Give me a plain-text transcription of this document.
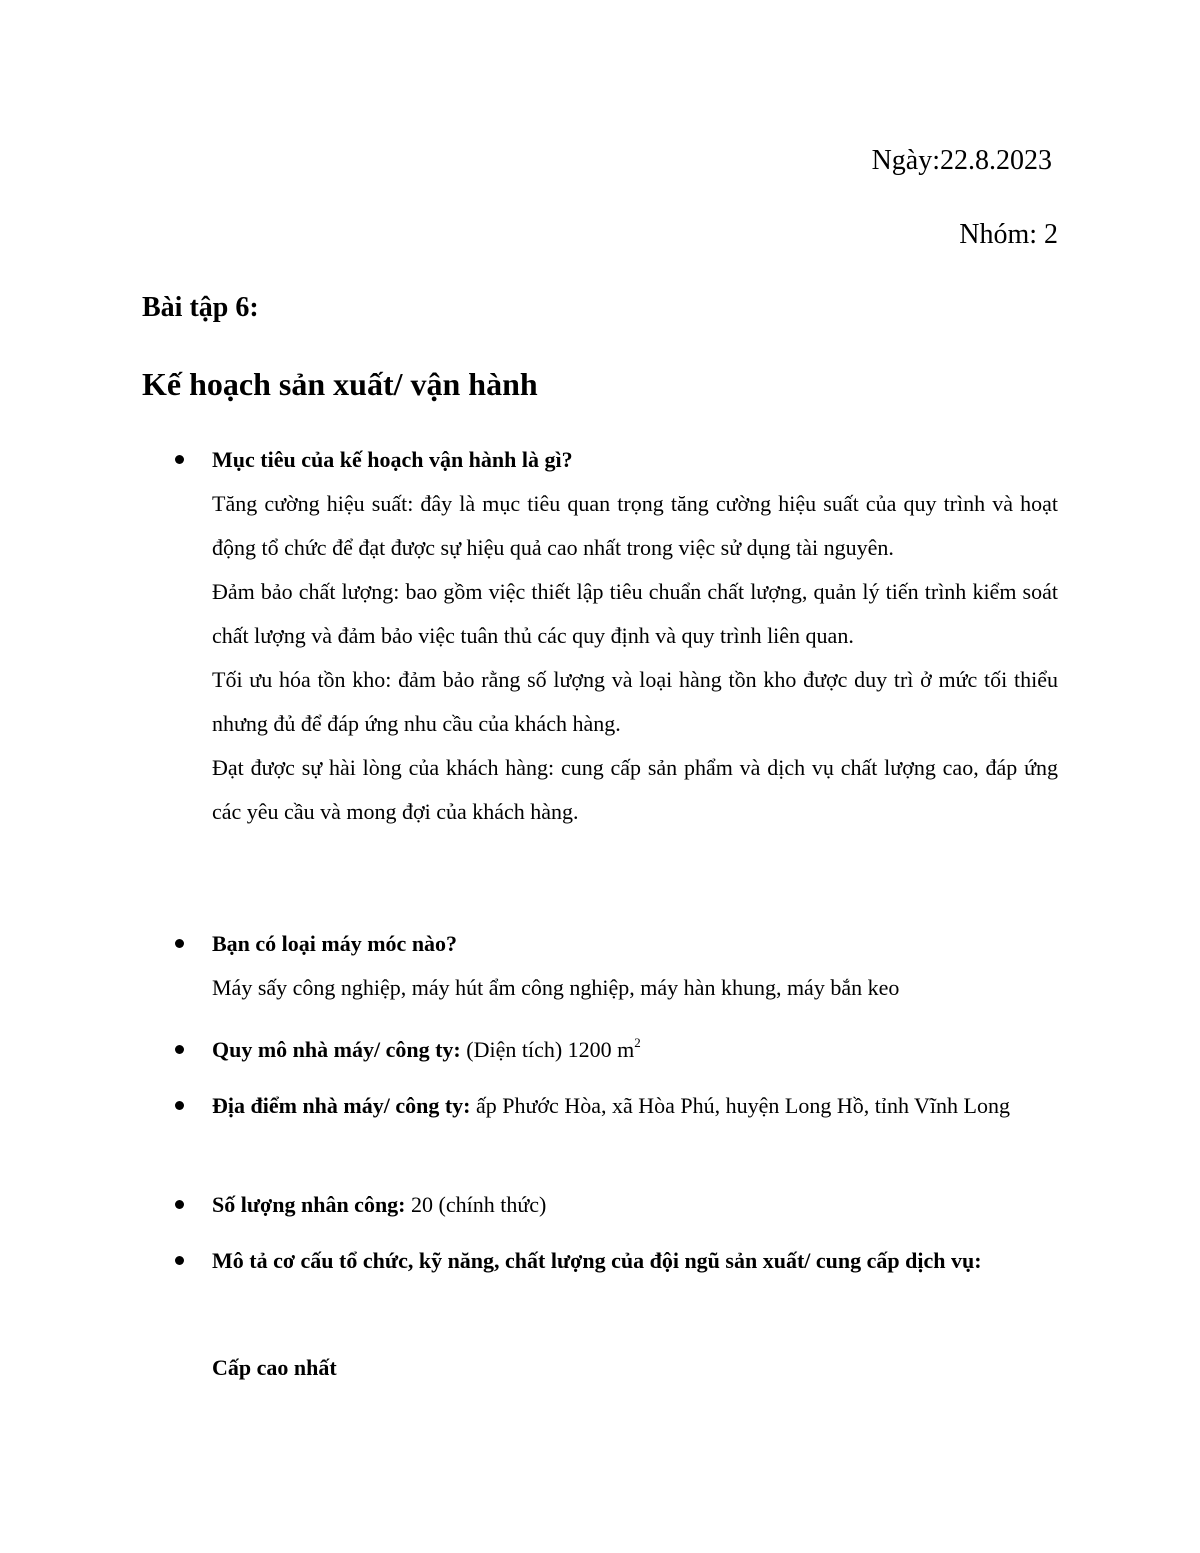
Ngày:22.8.2023
Nhóm: 2
Bài tập 6:
Kế hoạch sản xuất/ vận hành
Mục tiêu của kế hoạch vận hành là gì?
Tăng cường hiệu suất: đây là mục tiêu quan trọng tăng cường hiệu suất của quy trình và hoạt động tổ chức để đạt được sự hiệu quả cao nhất trong việc sử dụng tài nguyên.
Đảm bảo chất lượng: bao gồm việc thiết lập tiêu chuẩn chất lượng, quản lý tiến trình kiểm soát chất lượng và đảm bảo việc tuân thủ các quy định và quy trình liên quan.
Tối ưu hóa tồn kho: đảm bảo rằng số lượng và loại hàng tồn kho được duy trì ở mức tối thiểu nhưng đủ để đáp ứng nhu cầu của khách hàng.
Đạt được sự hài lòng của khách hàng: cung cấp sản phẩm và dịch vụ chất lượng cao, đáp ứng các yêu cầu và mong đợi của khách hàng.
Bạn có loại máy móc nào?
Máy sấy công nghiệp, máy hút ẩm công nghiệp, máy hàn khung, máy bắn keo
Quy mô nhà máy/ công ty: (Diện tích) 1200 $m^2$
Địa điểm nhà máy/ công ty: ấp Phước Hòa, xã Hòa Phú, huyện Long Hồ, tỉnh Vĩnh Long
Số lượng nhân công: 20 (chính thức)
Mô tả cơ cấu tổ chức, kỹ năng, chất lượng của đội ngũ sản xuất/ cung cấp dịch vụ:
Cấp cao nhất
